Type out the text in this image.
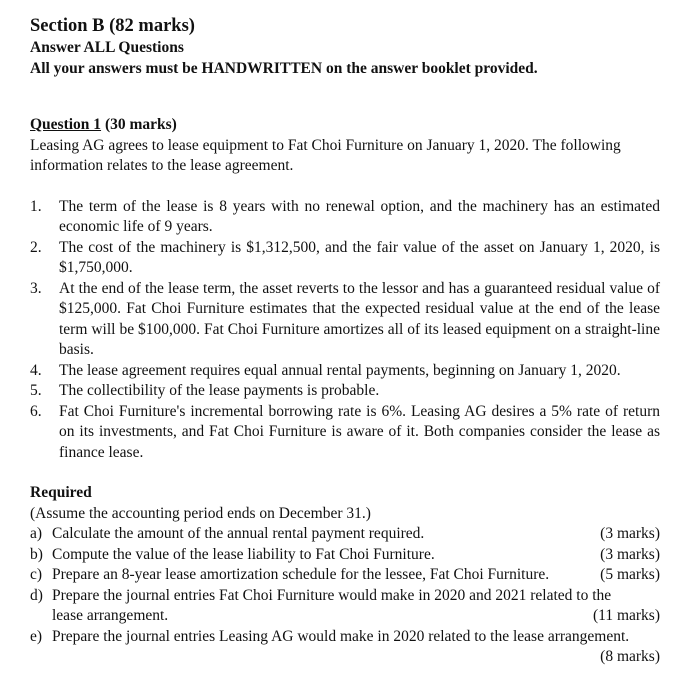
Section B (82 marks)
Answer ALL Questions
All your answers must be HANDWRITTEN on the answer booklet provided.
Question 1 (30 marks)
Leasing AG agrees to lease equipment to Fat Choi Furniture on January 1, 2020. The following information relates to the lease agreement.
1. The term of the lease is 8 years with no renewal option, and the machinery has an estimated economic life of 9 years.
2. The cost of the machinery is $1,312,500, and the fair value of the asset on January 1, 2020, is $1,750,000.
3. At the end of the lease term, the asset reverts to the lessor and has a guaranteed residual value of $125,000. Fat Choi Furniture estimates that the expected residual value at the end of the lease term will be $100,000. Fat Choi Furniture amortizes all of its leased equipment on a straight-line basis.
4. The lease agreement requires equal annual rental payments, beginning on January 1, 2020.
5. The collectibility of the lease payments is probable.
6. Fat Choi Furniture's incremental borrowing rate is 6%. Leasing AG desires a 5% rate of return on its investments, and Fat Choi Furniture is aware of it. Both companies consider the lease as finance lease.
Required
(Assume the accounting period ends on December 31.)
a) Calculate the amount of the annual rental payment required.	(3 marks)
b) Compute the value of the lease liability to Fat Choi Furniture.	(3 marks)
c) Prepare an 8-year lease amortization schedule for the lessee, Fat Choi Furniture.	(5 marks)
d) Prepare the journal entries Fat Choi Furniture would make in 2020 and 2021 related to the
lease arrangement.	(11 marks)
e) Prepare the journal entries Leasing AG would make in 2020 related to the lease arrangement.
(8 marks)
